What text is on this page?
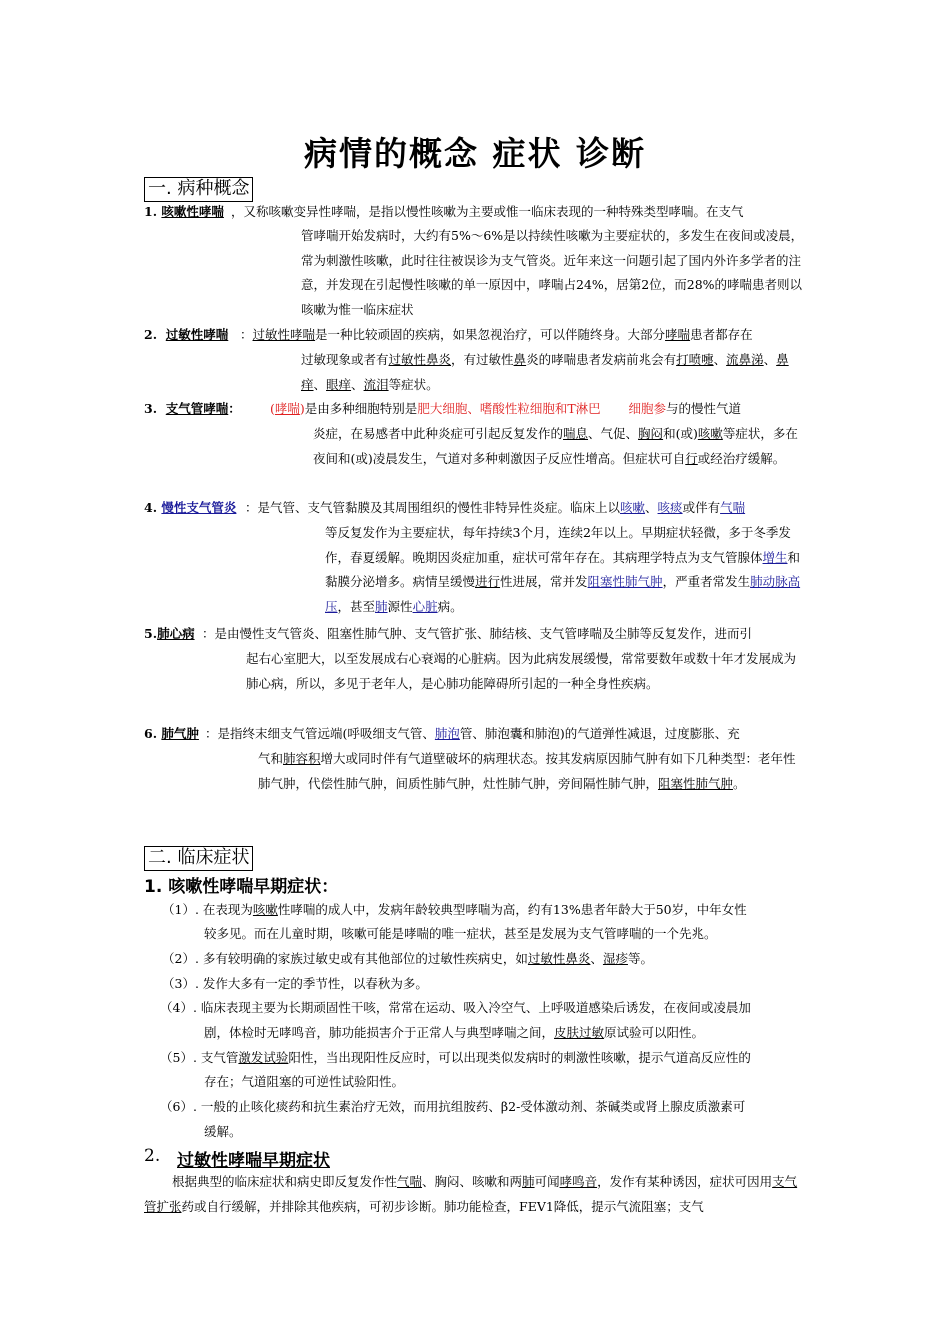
病情的概念 症状 诊断
一. 病种概念
1. 咳嗽性哮喘 ，又称咳嗽变异性哮喘，是指以慢性咳嗽为主要或惟一临床表现的一种特殊类型哮喘。在支气
管哮喘开始发病时，大约有5%～6%是以持续性咳嗽为主要症状的，多发生在夜间或凌晨，常为刺激性咳嗽，此时往往被误诊为支气管炎。近年来这一问题引起了国内外许多学者的注意，并发现在引起慢性咳嗽的单一原因中，哮喘占24%，居第2位，而28%的哮喘患者则以咳嗽为惟一临床症状
2.  过敏性哮喘 ：过敏性哮喘是一种比较顽固的疾病，如果忽视治疗，可以伴随终身。大部分哮喘患者都存在
过敏现象或者有过敏性鼻炎，有过敏性鼻炎的哮喘患者发病前兆会有打喷嚏、流鼻涕、鼻痒、眼痒、流泪等症状。
3.  支气管哮喘： (哮喘)是由多种细胞特别是肥大细胞、嗜酸性粒细胞和T淋巴 细胞参与的慢性气道
炎症，在易感者中此种炎症可引起反复发作的喘息、气促、胸闷和(或)咳嗽等症状，多在夜间和(或)凌晨发生，气道对多种刺激因子反应性增高。但症状可自行或经治疗缓解。
4. 慢性支气管炎 ：是气管、支气管黏膜及其周围组织的慢性非特异性炎症。临床上以咳嗽、咳痰或伴有气喘
等反复发作为主要症状，每年持续3个月，连续2年以上。早期症状轻微，多于冬季发作，春夏缓解。晚期因炎症加重，症状可常年存在。其病理学特点为支气管腺体增生和黏膜分泌增多。病情呈缓慢进行性进展，常并发阻塞性肺气肿，严重者常发生肺动脉高压，甚至肺源性心脏病。
5.肺心病 ：是由慢性支气管炎、阻塞性肺气肿、支气管扩张、肺结核、支气管哮喘及尘肺等反复发作，进而引
起右心室肥大，以至发展成右心衰竭的心脏病。因为此病发展缓慢，常常要数年或数十年才发展成为肺心病，所以，多见于老年人，是心肺功能障碍所引起的一种全身性疾病。
6. 肺气肿 ：是指终末细支气管远端(呼吸细支气管、肺泡管、肺泡囊和肺泡)的气道弹性减退，过度膨胀、充
气和肺容积增大或同时伴有气道壁破坏的病理状态。按其发病原因肺气肿有如下几种类型：老年性肺气肿，代偿性肺气肿，间质性肺气肿，灶性肺气肿，旁间隔性肺气肿，阻塞性肺气肿。
二. 临床症状
1. 咳嗽性哮喘早期症状：
（1）. 在表现为咳嗽性哮喘的成人中，发病年龄较典型哮喘为高，约有13%患者年龄大于50岁，中年女性
较多见。而在儿童时期，咳嗽可能是哮喘的唯一症状，甚至是发展为支气管哮喘的一个先兆。
（2）. 多有较明确的家族过敏史或有其他部位的过敏性疾病史，如过敏性鼻炎、湿疹等。
（3）. 发作大多有一定的季节性，以春秋为多。
（4）. 临床表现主要为长期顽固性干咳，常常在运动、吸入冷空气、上呼吸道感染后诱发，在夜间或凌晨加
剧，体检时无哮鸣音，肺功能损害介于正常人与典型哮喘之间，皮肤过敏原试验可以阳性。
（5）. 支气管激发试验阳性，当出现阳性反应时，可以出现类似发病时的刺激性咳嗽，提示气道高反应性的
存在；气道阻塞的可逆性试验阳性。
（6）. 一般的止咳化痰药和抗生素治疗无效，而用抗组胺药、β2-受体激动剂、茶碱类或肾上腺皮质激素可
缓解。
2. 过敏性哮喘早期症状
根据典型的临床症状和病史即反复发作性气喘、胸闷、咳嗽和两肺可闻哮鸣音，发作有某种诱因，症状可因用支气管扩张药或自行缓解，并排除其他疾病，可初步诊断。肺功能检查，FEV1降低，提示气流阻塞；支气
